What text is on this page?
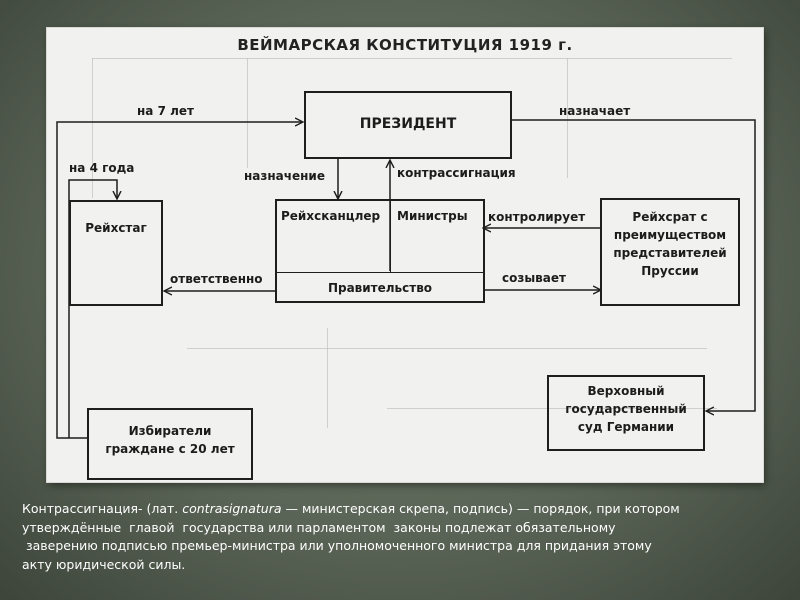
ВЕЙМАРСКАЯ КОНСТИТУЦИЯ 1919 г.
ПРЕЗИДЕНТ
Рейхстаг
Рейхсканцлер Министры
Правительство
Рейхсрат с
преимуществом
представителей
Пруссии
Верховный
государственный
суд Германии
Избиратели
граждане с 20 лет
на 7 лет
на 4 года
назначает
назначение	контрассигнация
контролирует
ответственно	созывает
Контрассигнация- (лат. contrasignatura — министерская скрепа, подпись) — порядок, при котором
утверждённые  главой  государства или парламентом  законы подлежат обязательному
заверению подписью премьер-министра или уполномоченного министра для придания этому
акту юридической силы.
